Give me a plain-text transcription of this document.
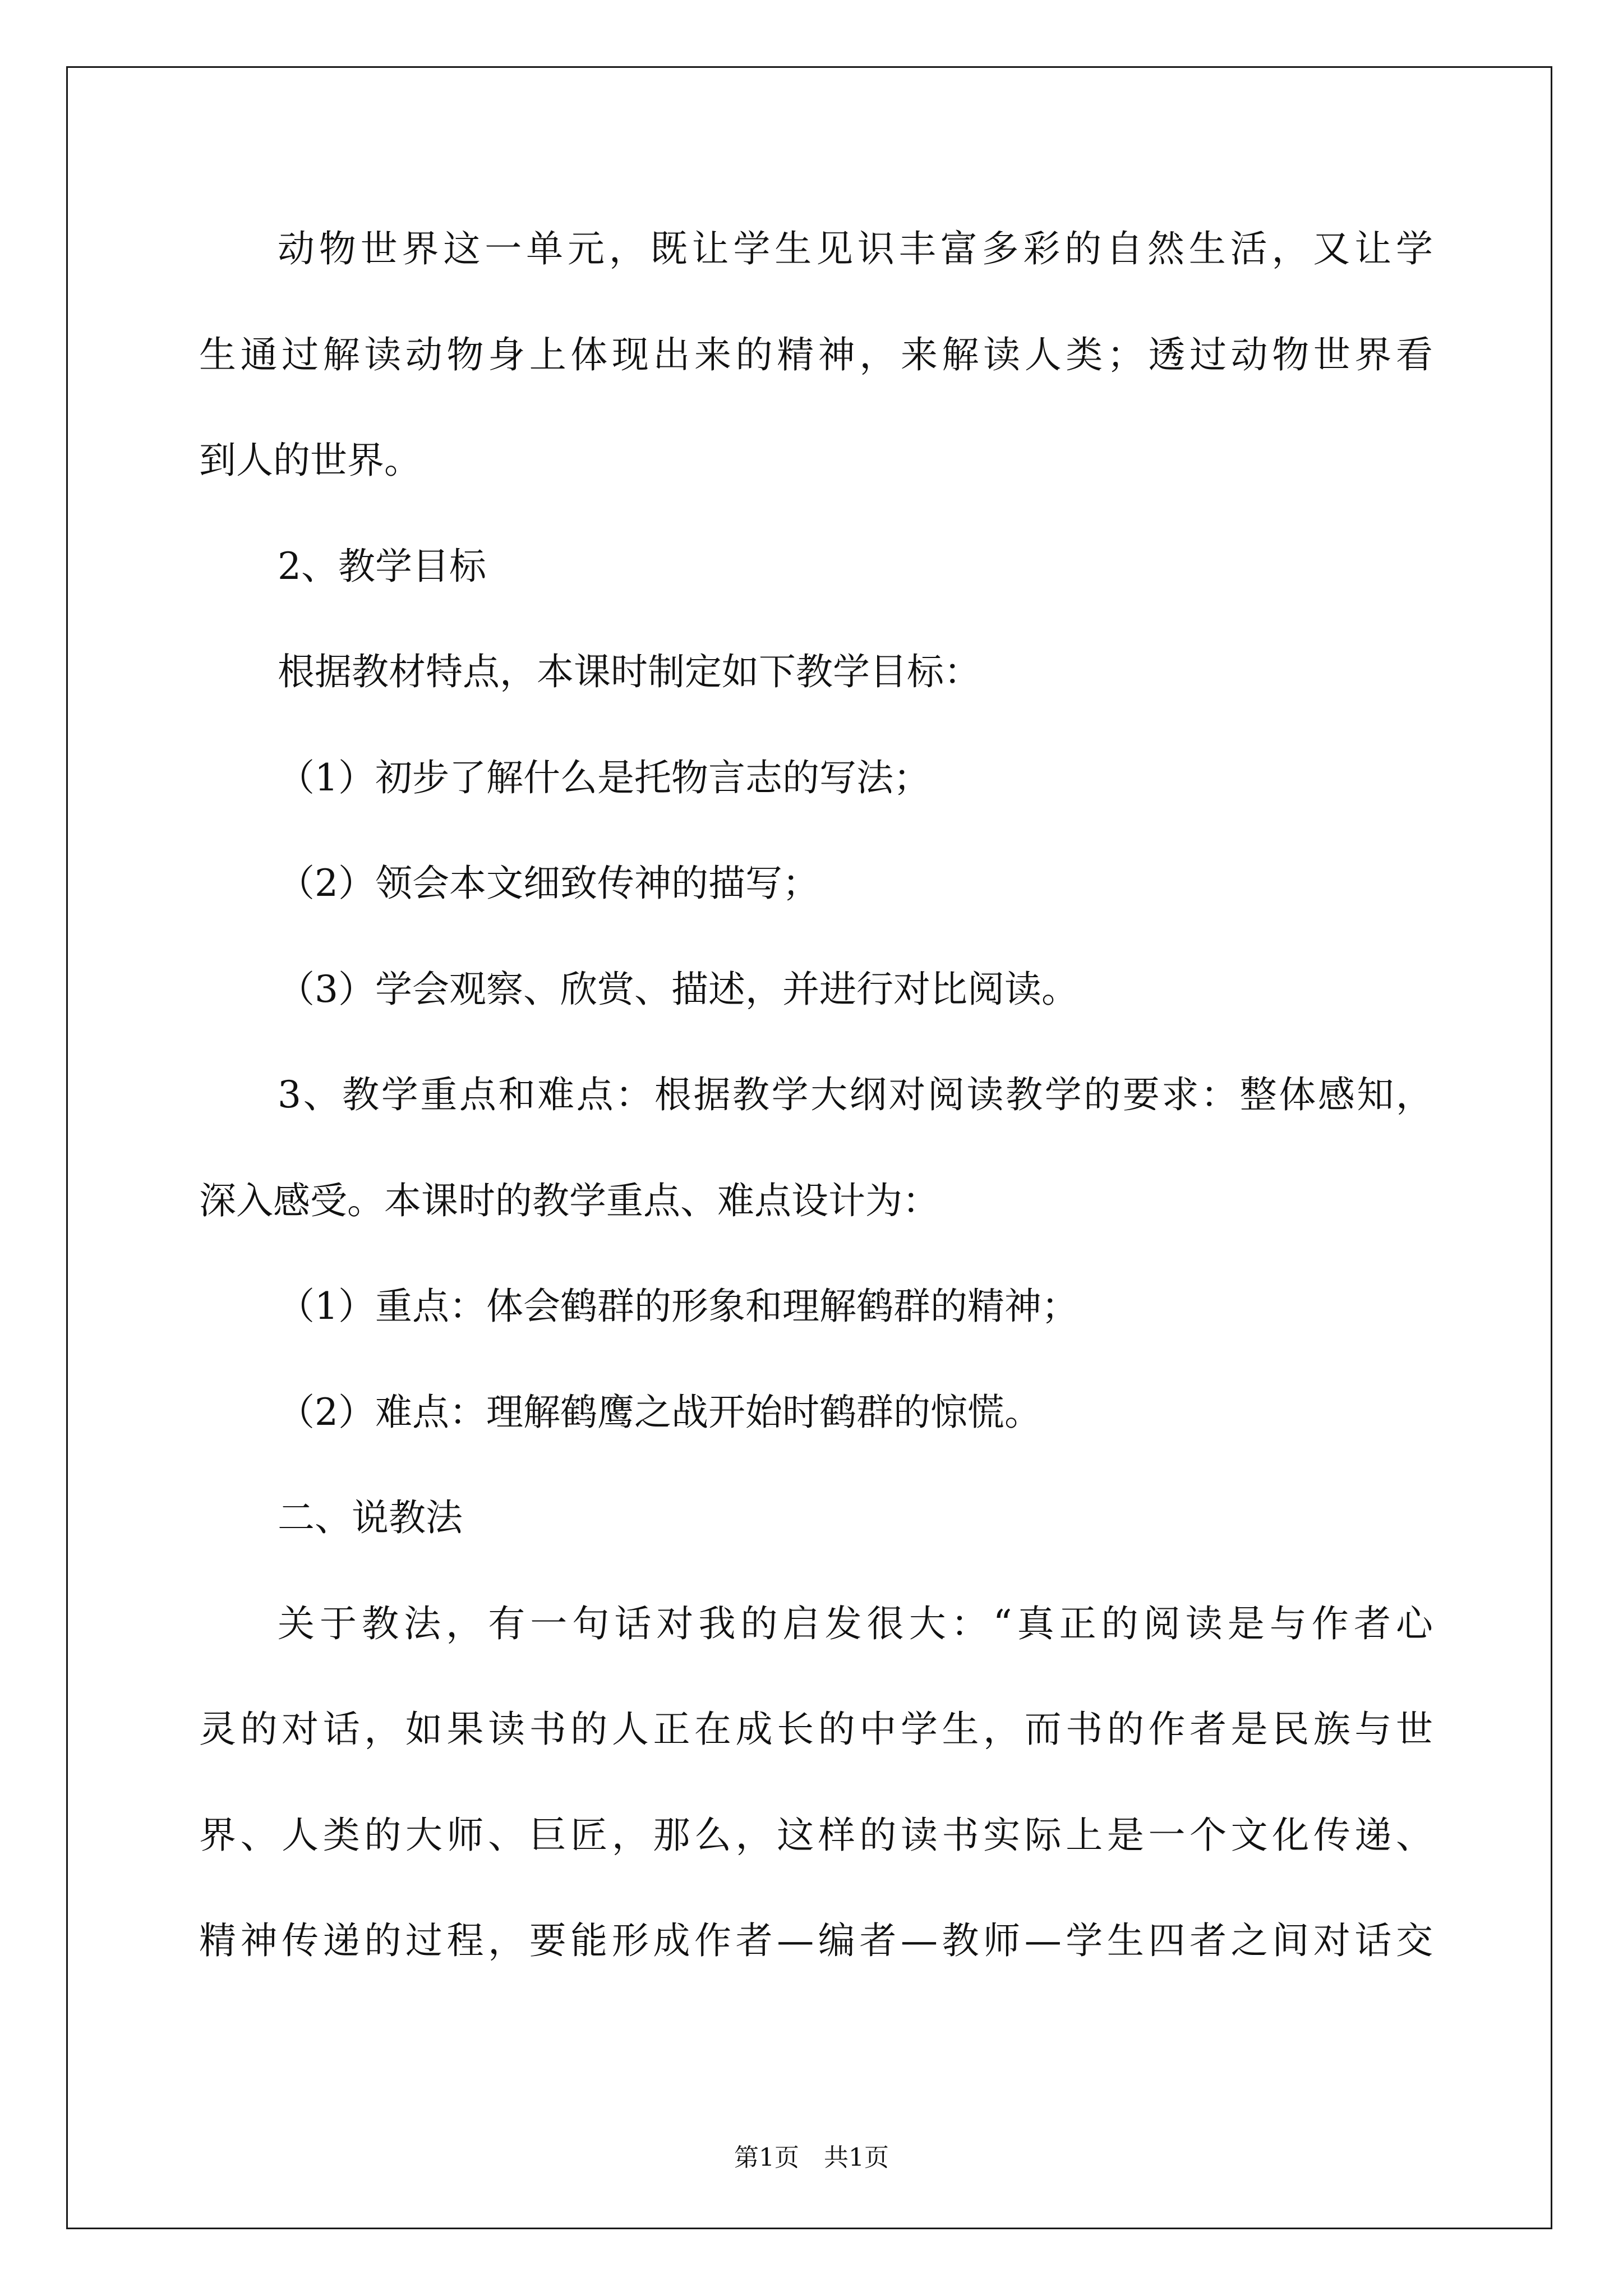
动物世界这一单元，既让学生见识丰富多彩的自然生活，又让学
生通过解读动物身上体现出来的精神，来解读人类；透过动物世界看
到人的世界。
2、教学目标
根据教材特点，本课时制定如下教学目标：
（1）初步了解什么是托物言志的写法；
（2）领会本文细致传神的描写；
（3）学会观察、欣赏、描述，并进行对比阅读。
3、教学重点和难点：根据教学大纲对阅读教学的要求：整体感知，
深入感受。本课时的教学重点、难点设计为：
（1）重点：体会鹤群的形象和理解鹤群的精神；
（2）难点：理解鹤鹰之战开始时鹤群的惊慌。
二、说教法
关于教法，有一句话对我的启发很大：“真正的阅读是与作者心
灵的对话，如果读书的人正在成长的中学生，而书的作者是民族与世
界、人类的大师、巨匠，那么，这样的读书实际上是一个文化传递、
精神传递的过程，要能形成作者—编者—教师—学生四者之间对话交
第1页　共1页
